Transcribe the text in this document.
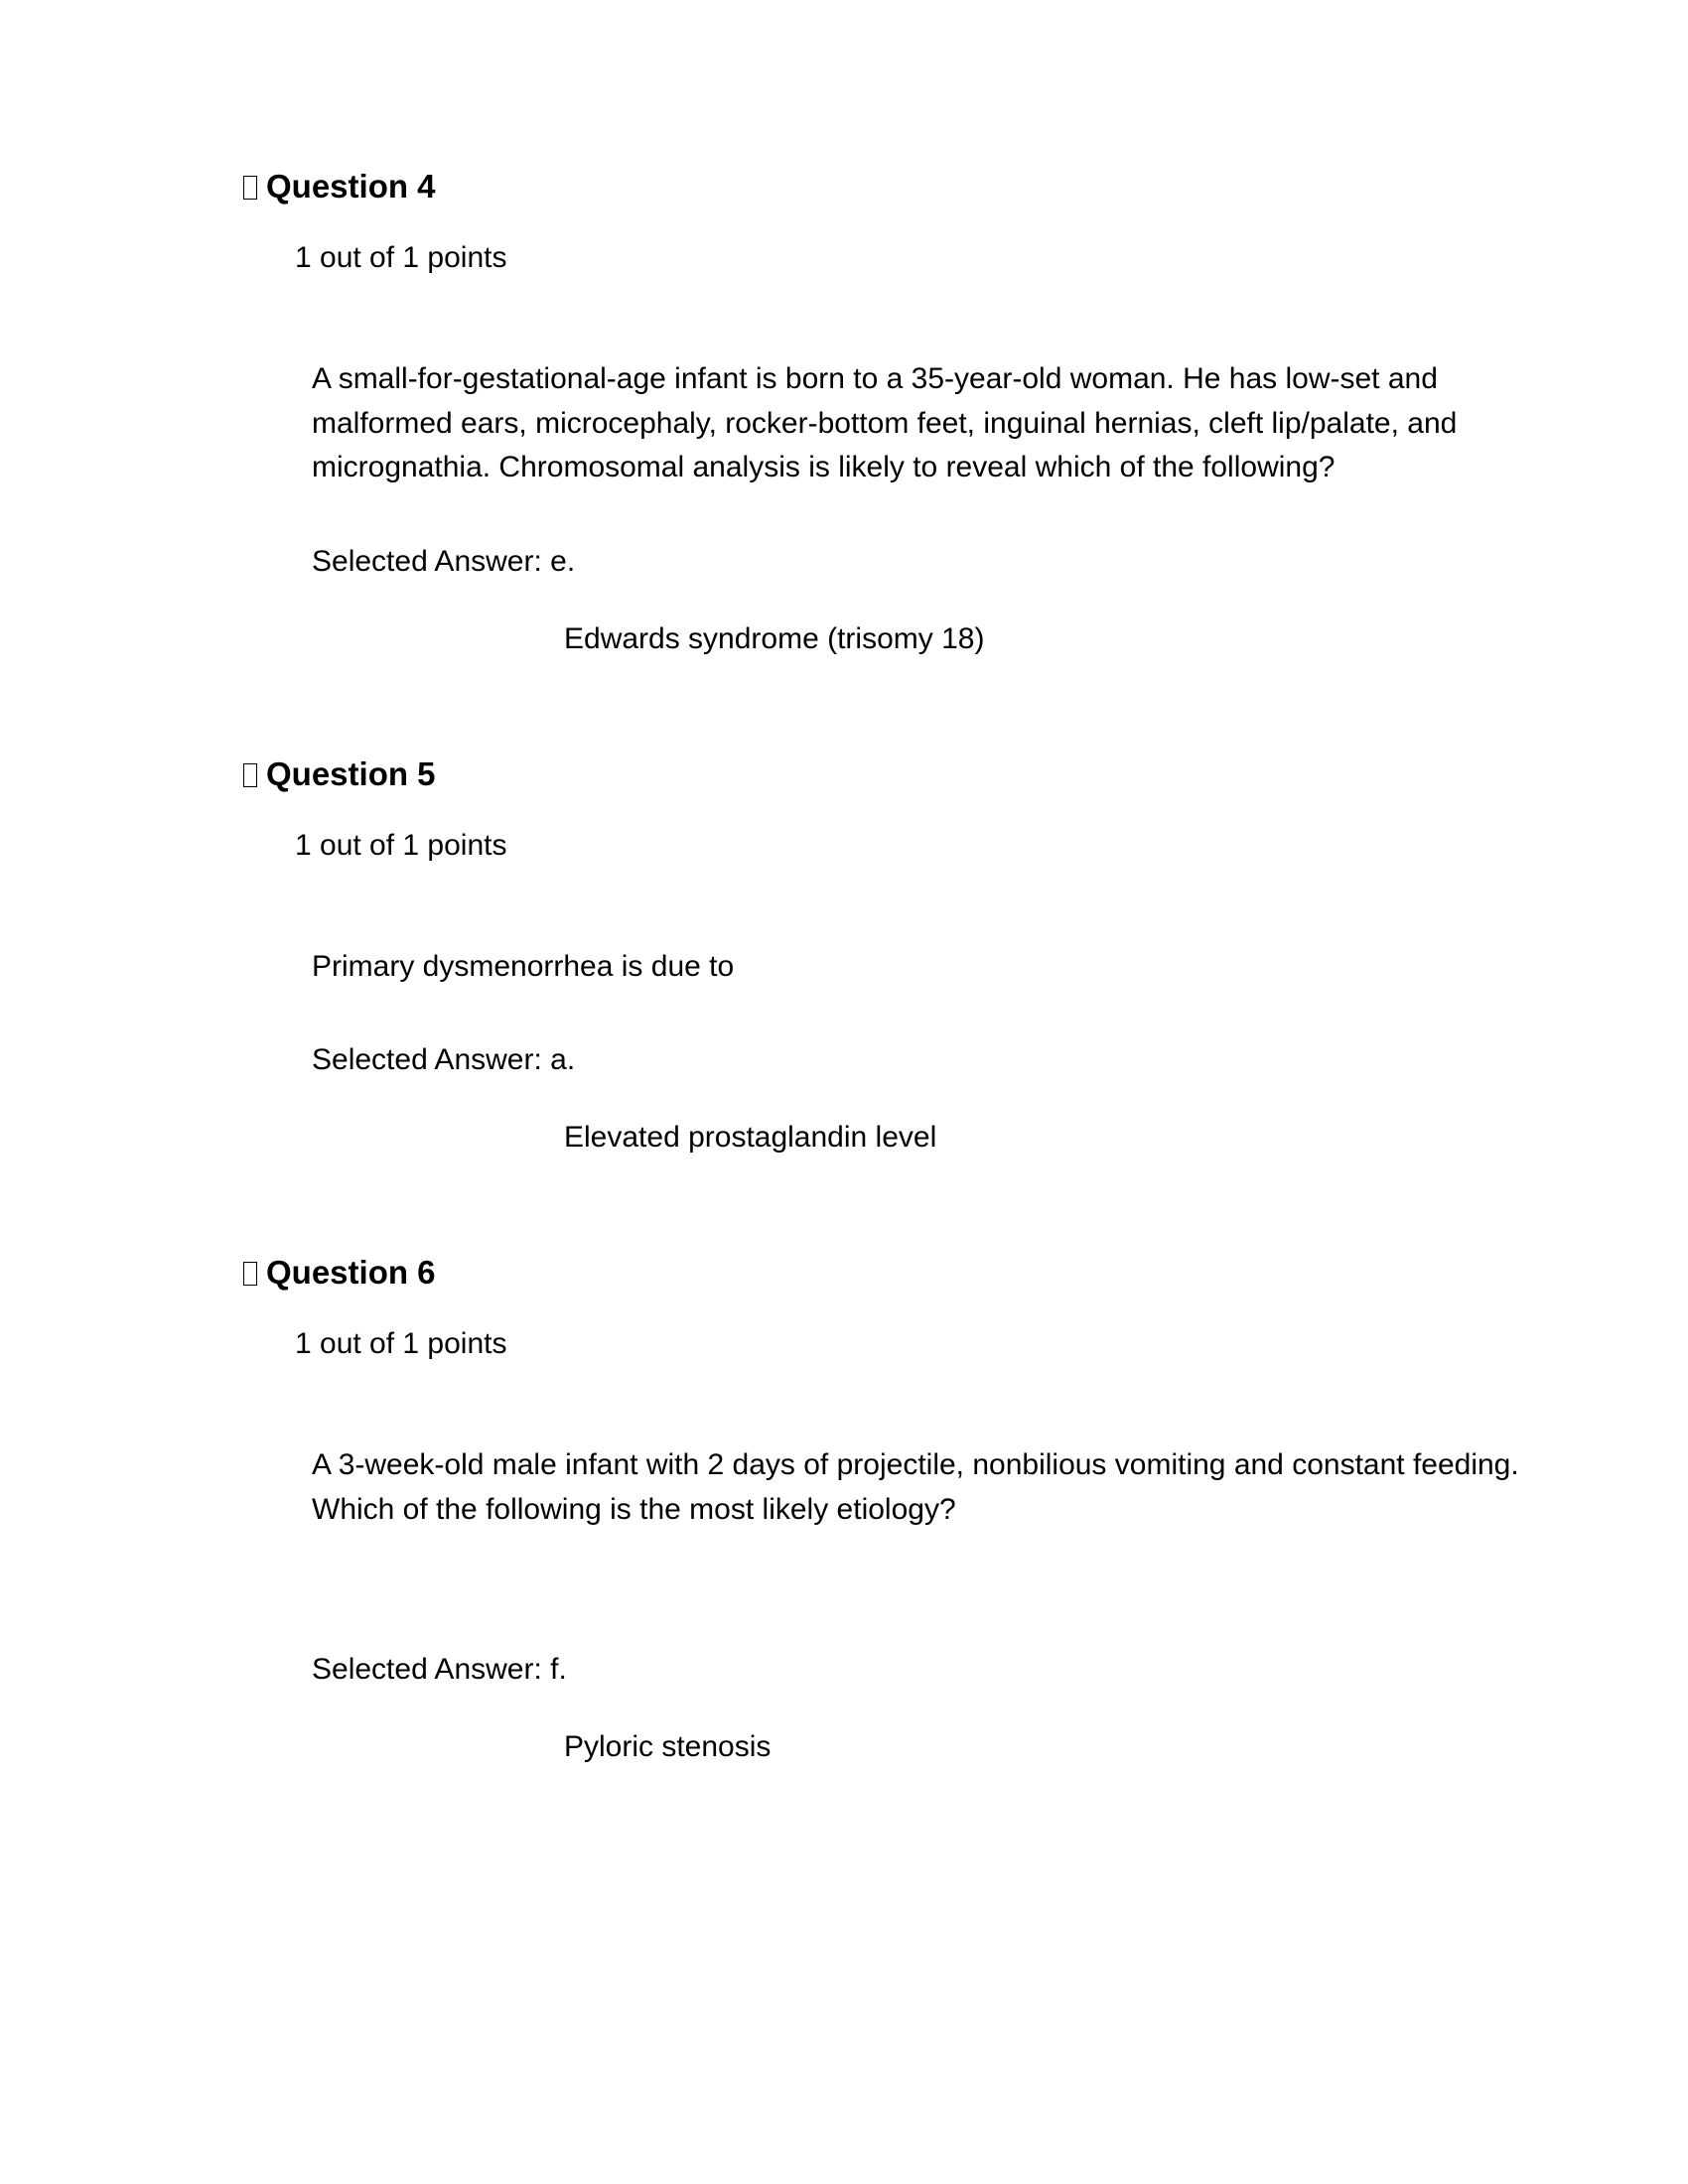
Question 4
1 out of 1 points

A small-for-gestational-age infant is born to a 35-year-old woman. He has low-set and malformed ears, microcephaly, rocker-bottom feet, inguinal hernias, cleft lip/palate, and micrognathia. Chromosomal analysis is likely to reveal which of the following?

Selected Answer: e.
Edwards syndrome (trisomy 18)
Question 5
1 out of 1 points

Primary dysmenorrhea is due to

Selected Answer: a.
Elevated prostaglandin level
Question 6
1 out of 1 points

A 3-week-old male infant with 2 days of projectile, nonbilious vomiting and constant feeding.

Which of the following is the most likely etiology?

Selected Answer: f.
Pyloric stenosis
